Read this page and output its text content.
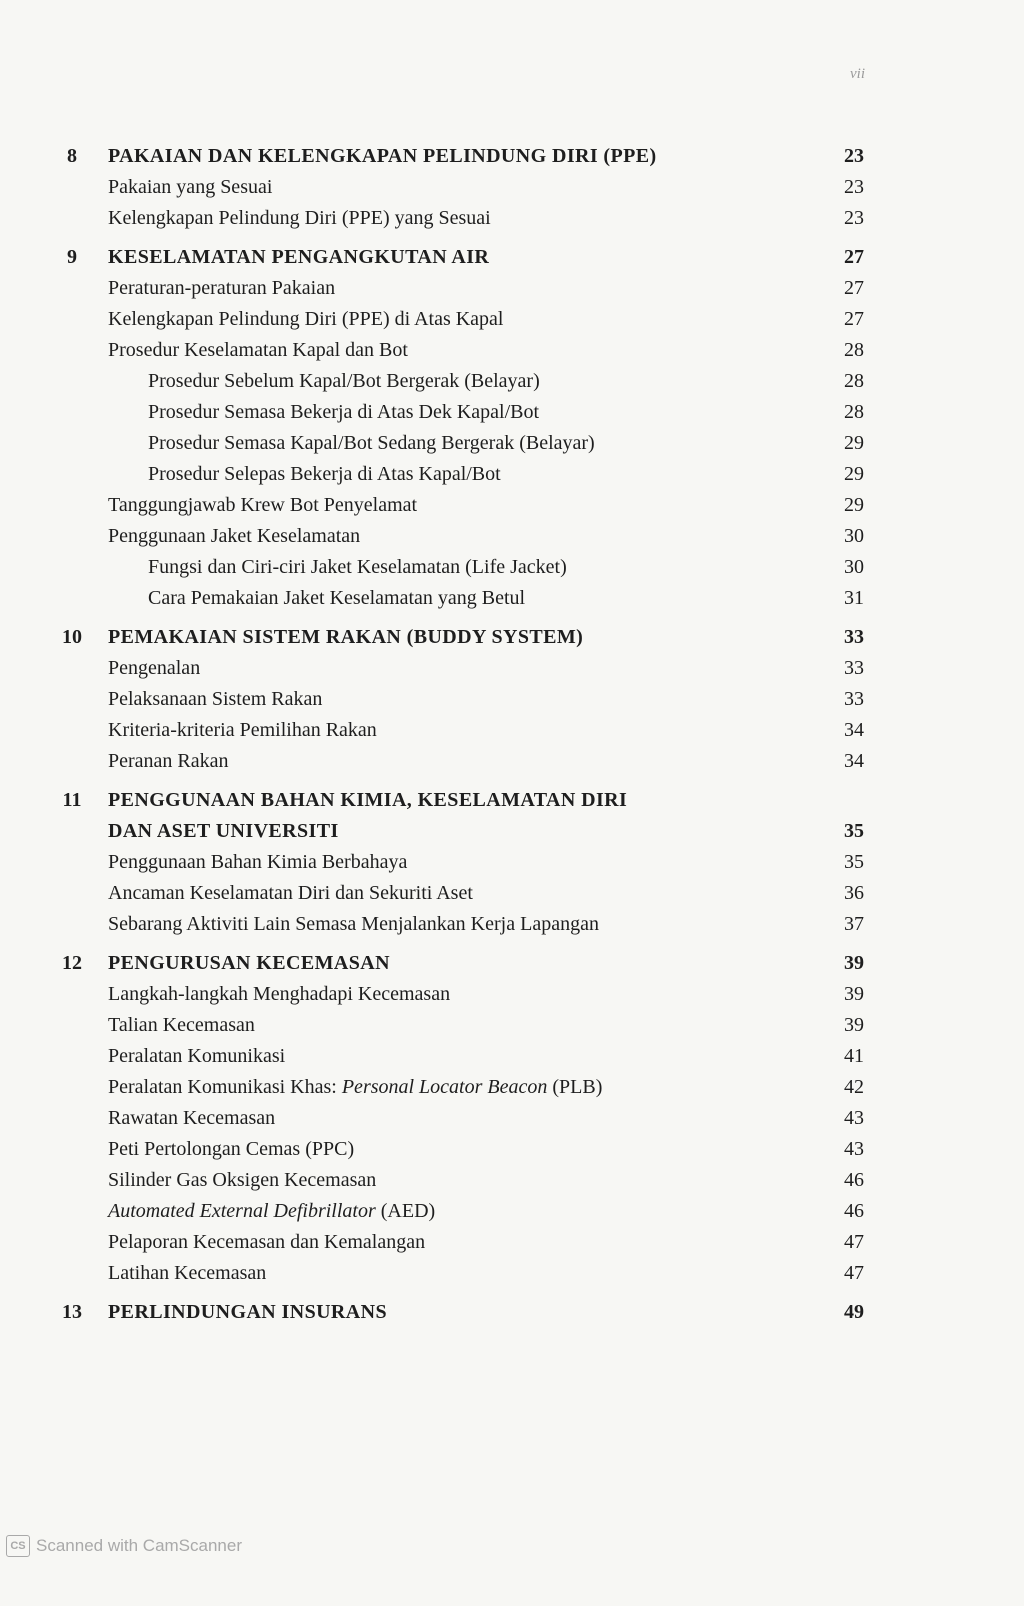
vii
8	PAKAIAN DAN KELENGKAPAN PELINDUNG DIRI (PPE)	23
Pakaian yang Sesuai	23
Kelengkapan Pelindung Diri (PPE) yang Sesuai	23
9	KESELAMATAN PENGANGKUTAN AIR	27
Peraturan-peraturan Pakaian	27
Kelengkapan Pelindung Diri (PPE) di Atas Kapal	27
Prosedur Keselamatan Kapal dan Bot	28
Prosedur Sebelum Kapal/Bot Bergerak (Belayar)	28
Prosedur Semasa Bekerja di Atas Dek Kapal/Bot	28
Prosedur Semasa Kapal/Bot Sedang Bergerak (Belayar)	29
Prosedur Selepas Bekerja di Atas Kapal/Bot	29
Tanggungjawab Krew Bot Penyelamat	29
Penggunaan Jaket Keselamatan	30
Fungsi dan Ciri-ciri Jaket Keselamatan (Life Jacket)	30
Cara Pemakaian Jaket Keselamatan yang Betul	31
10	PEMAKAIAN SISTEM RAKAN (BUDDY SYSTEM)	33
Pengenalan	33
Pelaksanaan Sistem Rakan	33
Kriteria-kriteria Pemilihan Rakan	34
Peranan Rakan	34
11	PENGGUNAAN BAHAN KIMIA, KESELAMATAN DIRI
DAN ASET UNIVERSITI	35
Penggunaan Bahan Kimia Berbahaya	35
Ancaman Keselamatan Diri dan Sekuriti Aset	36
Sebarang Aktiviti Lain Semasa Menjalankan Kerja Lapangan	37
12	PENGURUSAN KECEMASAN	39
Langkah-langkah Menghadapi Kecemasan	39
Talian Kecemasan	39
Peralatan Komunikasi	41
Peralatan Komunikasi Khas: Personal Locator Beacon (PLB)	42
Rawatan Kecemasan	43
Peti Pertolongan Cemas (PPC)	43
Silinder Gas Oksigen Kecemasan	46
Automated External Defibrillator (AED)	46
Pelaporan Kecemasan dan Kemalangan	47
Latihan Kecemasan	47
13	PERLINDUNGAN INSURANS	49
CS Scanned with CamScanner
